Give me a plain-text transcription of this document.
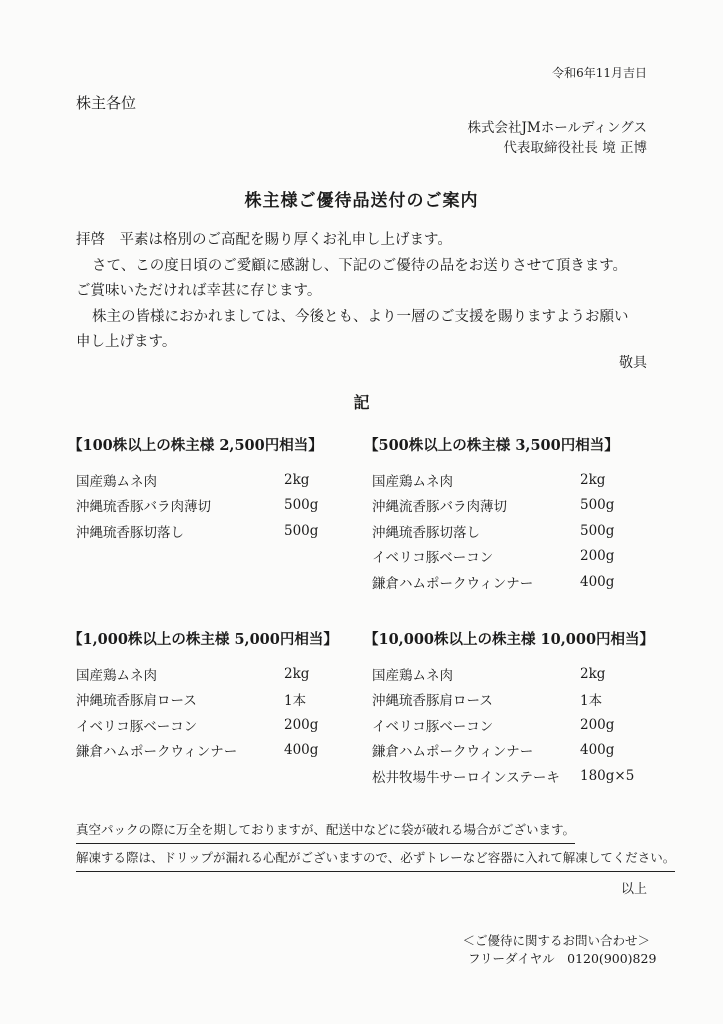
令和6年11月吉日
株主各位
株式会社JMホールディングス
代表取締役社長 境 正博
株主様ご優待品送付のご案内

拝啓　平素は格別のご高配を賜り厚くお礼申し上げます。

さて、この度日頃のご愛顧に感謝し、下記のご優待の品をお送りさせて頂きます。

ご賞味いただければ幸甚に存じます。

株主の皆様におかれましては、今後とも、より一層のご支援を賜りますようお願い

申し上げます。

敬具
記
【100株以上の株主様 2,500円相当】
国産鶏ムネ肉	2kg
沖縄琉香豚バラ肉薄切	500g
沖縄琉香豚切落し	500g
【500株以上の株主様 3,500円相当】
国産鶏ムネ肉	2kg
沖縄流香豚バラ肉薄切	500g
沖縄琉香豚切落し	500g
イベリコ豚ベーコン	200g
鎌倉ハムポークウィンナー	400g
【1,000株以上の株主様 5,000円相当】
国産鶏ムネ肉	2kg
沖縄琉香豚肩ロース	1本
イベリコ豚ベーコン	200g
鎌倉ハムポークウィンナー	400g
【10,000株以上の株主様 10,000円相当】
国産鶏ムネ肉	2kg
沖縄琉香豚肩ロース	1本
イベリコ豚ベーコン	200g
鎌倉ハムポークウィンナー	400g
松井牧場牛サーロインステーキ	180g×5
真空パックの際に万全を期しておりますが、配送中などに袋が破れる場合がございます。
解凍する際は、ドリップが漏れる心配がございますので、必ずトレーなど容器に入れて解凍してください。
以上
＜ご優待に関するお問い合わせ＞
フリーダイヤル　0120(900)829
